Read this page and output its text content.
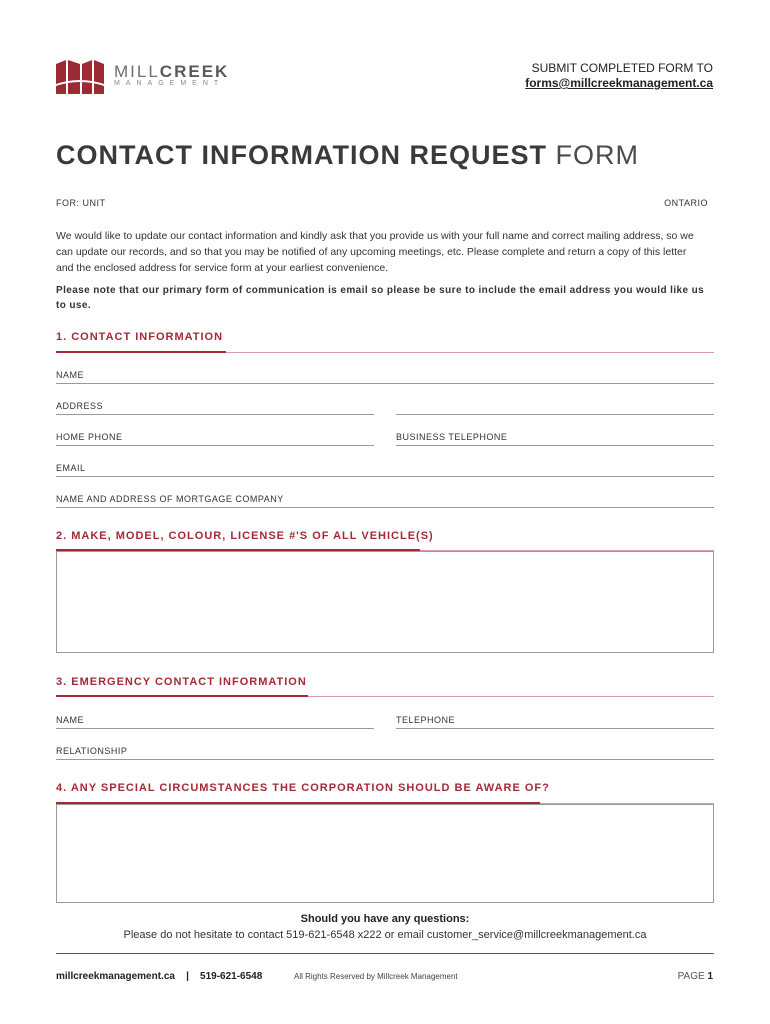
MILLCREEK
MANAGEMENT
SUBMIT COMPLETED FORM TO
forms@millcreekmanagement.ca
CONTACT INFORMATION REQUEST FORM
FOR: UNIT	ONTARIO
We would like to update our contact information and kindly ask that you provide us with your full name and correct mailing address, so we can update our records, and so that you may be notified of any upcoming meetings, etc. Please complete and return a copy of this letter and the enclosed address for service form at your earliest convenience.
Please note that our primary form of communication is email so please be sure to include the email address you would like us to use.
1. CONTACT INFORMATION
NAME
ADDRESS
HOME PHONE	BUSINESS TELEPHONE
EMAIL
NAME AND ADDRESS OF MORTGAGE COMPANY
2. MAKE, MODEL, COLOUR, LICENSE #'S OF ALL VEHICLE(S)
3. EMERGENCY CONTACT INFORMATION
NAME	TELEPHONE
RELATIONSHIP
4. ANY SPECIAL CIRCUMSTANCES THE CORPORATION SHOULD BE AWARE OF?
Should you have any questions:
Please do not hesitate to contact 519-621-6548 x222 or email customer_service@millcreekmanagement.ca
millcreekmanagement.ca | 519-621-6548	All Rights Reserved by Millcreek Management	PAGE 1
